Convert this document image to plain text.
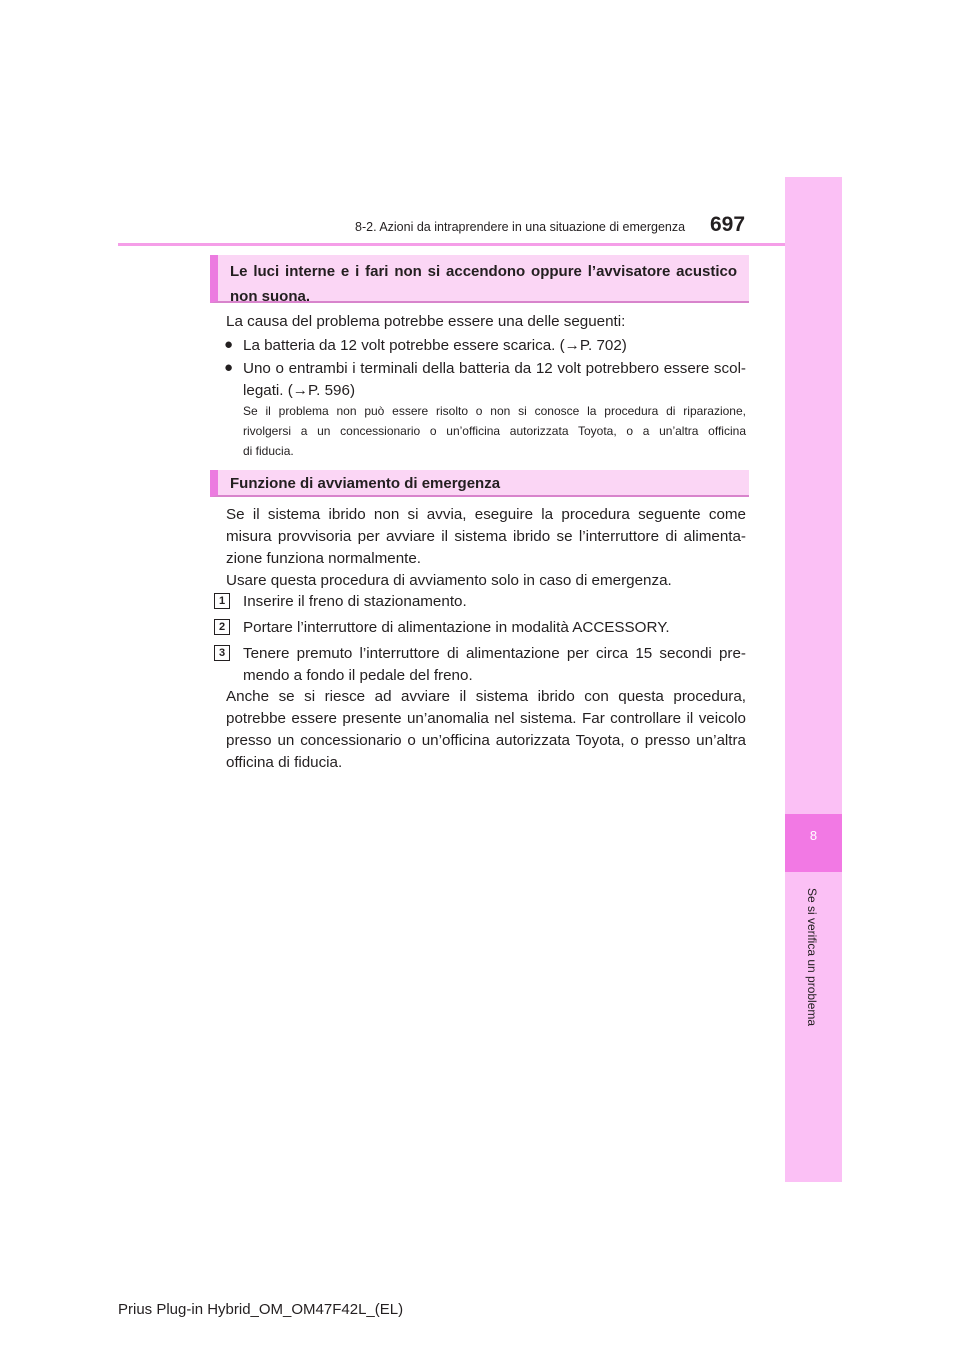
8-2. Azioni da intraprendere in una situazione di emergenza 697
8
Se si verifica un problema
Le luci interne e i fari non si accendono oppure l’avvisatore acustico
non suona.
La causa del problema potrebbe essere una delle seguenti:
● La batteria da 12 volt potrebbe essere scarica. (→P. 702)
● Uno o entrambi i terminali della batteria da 12 volt potrebbero essere scol-
legati. (→P. 596)
Se il problema non può essere risolto o non si conosce la procedura di riparazione,
rivolgersi a un concessionario o un’officina autorizzata Toyota, o a un’altra officina
di fiducia.
Funzione di avviamento di emergenza
Se il sistema ibrido non si avvia, eseguire la procedura seguente come
misura provvisoria per avviare il sistema ibrido se l’interruttore di alimenta-
zione funziona normalmente.
Usare questa procedura di avviamento solo in caso di emergenza.
1	Inserire il freno di stazionamento.
2	Portare l’interruttore di alimentazione in modalità ACCESSORY.
3	Tenere premuto l’interruttore di alimentazione per circa 15 secondi pre-
mendo a fondo il pedale del freno.
Anche se si riesce ad avviare il sistema ibrido con questa procedura,
potrebbe essere presente un’anomalia nel sistema. Far controllare il veicolo
presso un concessionario o un’officina autorizzata Toyota, o presso un’altra
officina di fiducia.
Prius Plug-in Hybrid_OM_OM47F42L_(EL)
